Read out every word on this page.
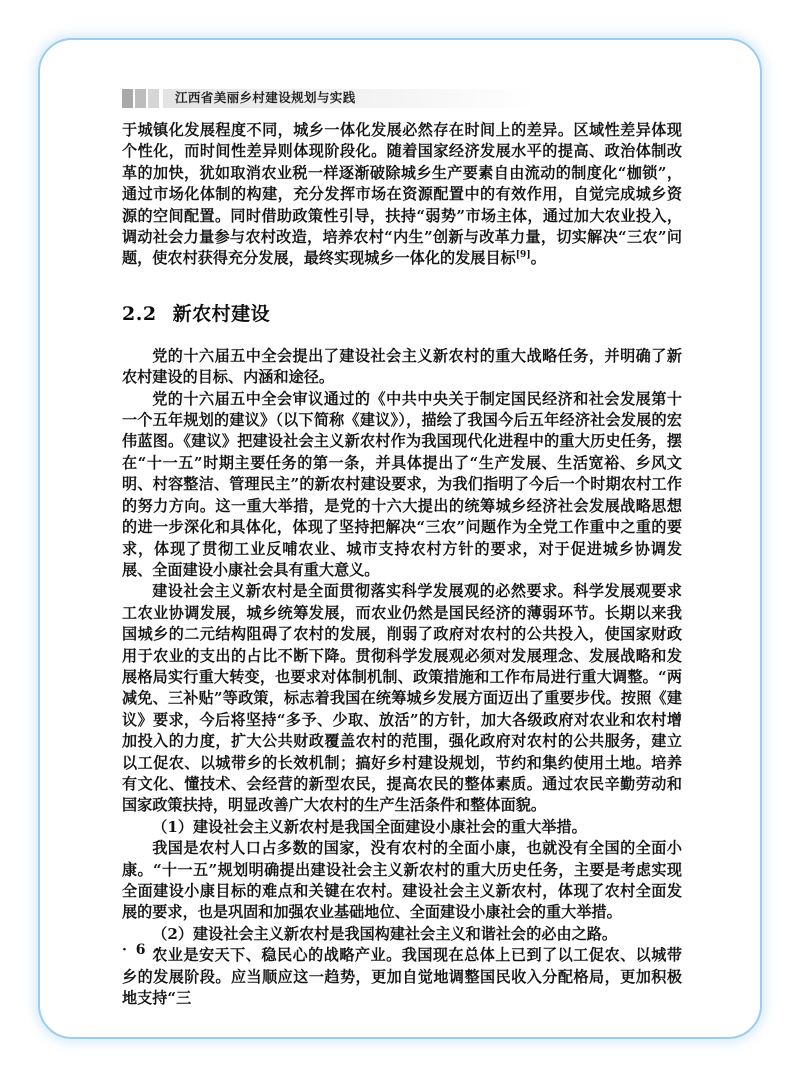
江西省美丽乡村建设规划与实践

于城镇化发展程度不同，城乡一体化发展必然存在时间上的差异。区域性差异体现个性化，而时间性差异则体现阶段化。随着国家经济发展水平的提高、政治体制改革的加快，犹如取消农业税一样逐渐破除城乡生产要素自由流动的制度化“枷锁”，通过市场化体制的构建，充分发挥市场在资源配置中的有效作用，自觉完成城乡资源的空间配置。同时借助政策性引导，扶持“弱势”市场主体，通过加大农业投入，调动社会力量参与农村改造，培养农村“内生”创新与改革力量，切实解决“三农”问题，使农村获得充分发展，最终实现城乡一体化的发展目标[9]。

2.2 新农村建设

党的十六届五中全会提出了建设社会主义新农村的重大战略任务，并明确了新农村建设的目标、内涵和途径。

党的十六届五中全会审议通过的《中共中央关于制定国民经济和社会发展第十一个五年规划的建议》（以下简称《建议》），描绘了我国今后五年经济社会发展的宏伟蓝图。《建议》把建设社会主义新农村作为我国现代化进程中的重大历史任务，摆在“十一五”时期主要任务的第一条，并具体提出了“生产发展、生活宽裕、乡风文明、村容整洁、管理民主”的新农村建设要求，为我们指明了今后一个时期农村工作的努力方向。这一重大举措，是党的十六大提出的统筹城乡经济社会发展战略思想的进一步深化和具体化，体现了坚持把解决“三农”问题作为全党工作重中之重的要求，体现了贯彻工业反哺农业、城市支持农村方针的要求，对于促进城乡协调发展、全面建设小康社会具有重大意义。

建设社会主义新农村是全面贯彻落实科学发展观的必然要求。科学发展观要求工农业协调发展，城乡统筹发展，而农业仍然是国民经济的薄弱环节。长期以来我国城乡的二元结构阻碍了农村的发展，削弱了政府对农村的公共投入，使国家财政用于农业的支出的占比不断下降。贯彻科学发展观必须对发展理念、发展战略和发展格局实行重大转变，也要求对体制机制、政策措施和工作布局进行重大调整。“两减免、三补贴”等政策，标志着我国在统筹城乡发展方面迈出了重要步伐。按照《建议》要求，今后将坚持“多予、少取、放活”的方针，加大各级政府对农业和农村增加投入的力度，扩大公共财政覆盖农村的范围，强化政府对农村的公共服务，建立以工促农、以城带乡的长效机制；搞好乡村建设规划，节约和集约使用土地。培养有文化、懂技术、会经营的新型农民，提高农民的整体素质。通过农民辛勤劳动和国家政策扶持，明显改善广大农村的生产生活条件和整体面貌。

（1）建设社会主义新农村是我国全面建设小康社会的重大举措。

我国是农村人口占多数的国家，没有农村的全面小康，也就没有全国的全面小康。“十一五”规划明确提出建设社会主义新农村的重大历史任务，主要是考虑实现全面建设小康目标的难点和关键在农村。建设社会主义新农村，体现了农村全面发展的要求，也是巩固和加强农业基础地位、全面建设小康社会的重大举措。

（2）建设社会主义新农村是我国构建社会主义和谐社会的必由之路。

农业是安天下、稳民心的战略产业。我国现在总体上已到了以工促农、以城带乡的发展阶段。应当顺应这一趋势，更加自觉地调整国民收入分配格局，更加积极地支持“三

· 6 ·
